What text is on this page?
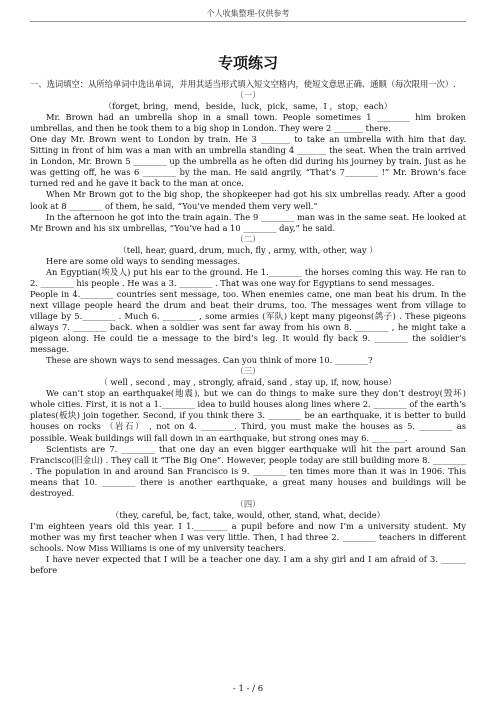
个人收集整理-仅供参考
专项练习

一、选词填空：从所给单词中选出单词，并用其适当形式填入短文空格内，使短文意思正确、通顺（每次限用一次）.

（一）

（forget, bring，mend，beside，luck，pick，same，I ，stop，each）

Mr. Brown had an umbrella shop in a small town. People sometimes 1 ________ him broken umbrellas, and then he took them to a big shop in London. They were 2 _______ there.

One day Mr. Brown went to London by train. He 3 _______ to take an umbrella with him that day. Sitting in front of him was a man with an umbrella standing 4 _______ the seat. When the train arrived in London, Mr. Brown 5 ________ up the umbrella as he often did during his journey by train. Just as he was getting off, he was 6 ________ by the man. He said angrily, “That’s 7________ !” Mr. Brown’s face turned red and he gave it back to the man at once.

When Mr Brown got to the big shop, the shopkeeper had got his six umbrellas ready. After a good look at 8 ________ of them, he said, “You’ve mended them very well.”

In the afternoon he got into the train again. The 9 ________ man was in the same seat. He looked at Mr Brown and his six umbrellas, “You’ve had a 10 ________ day,” he said.

（二）

（tell, hear, guard, drum, much, fly , army, with, other, way ）

Here are some old ways to sending messages.

An Egyptian(埃及人) put his ear to the ground. He 1.________ the horses coming this way. He ran to 2. ________ his people . He was a 3. ________ . That was one way for Egyptians to send messages.

People in 4.________ countries sent message, too. When enemies came, one man beat his drum. In the next village people heard the drum and beat their drums, too. The messages went from village to village by 5.________ . Much 6. ________ , some armies (军队) kept many pigeons(鸽子) . These pigeons always 7. ________ back. when a soldier was sent far away from his own 8. ________ , he might take a pigeon along. He could tie a message to the bird’s leg. It would fly back 9. ________ the soldier’s message.

These are shown ways to send messages. Can you think of more 10. ________?

（三）

（ well , second , may , strongly, afraid, sand , stay up, if, now, house）

We can’t stop an earthquake(地震), but we can do things to make sure they don’t destroy(毁坏) whole cities. First, it is not a 1.________ idea to build houses along lines where 2. ________ of the earth’s plates(板块) join together. Second, if you think there 3. ________ be an earthquake, it is better to build houses on rocks （岩石） , not on 4. ________. Third, you must make the houses as 5. ________ as possible. Weak buildings will fall down in an earthquake, but strong ones may 6. ________.

Scientists are 7. ________ that one day an even bigger earthquake will hit the part around San Francisco(旧金山) . They call it “The Big One”. However, people today are still building more 8. ________ . The population in and around San Francisco is 9. ________ ten times more than it was in 1906. This means that 10. ________ there is another earthquake, a great many houses and buildings will be destroyed.

（四）

（they, careful, be, fact, take, would, other, stand, what, decide）

I’m eighteen years old this year. I 1.________ a pupil before and now I’m a university student. My mother was my first teacher when I was very little. Then, I had three 2. ________ teachers in different schools. Now Miss Williams is one of my university teachers.

I have never expected that I will be a teacher one day. I am a shy girl and I am afraid of 3. ______ before

- 1 - / 6
